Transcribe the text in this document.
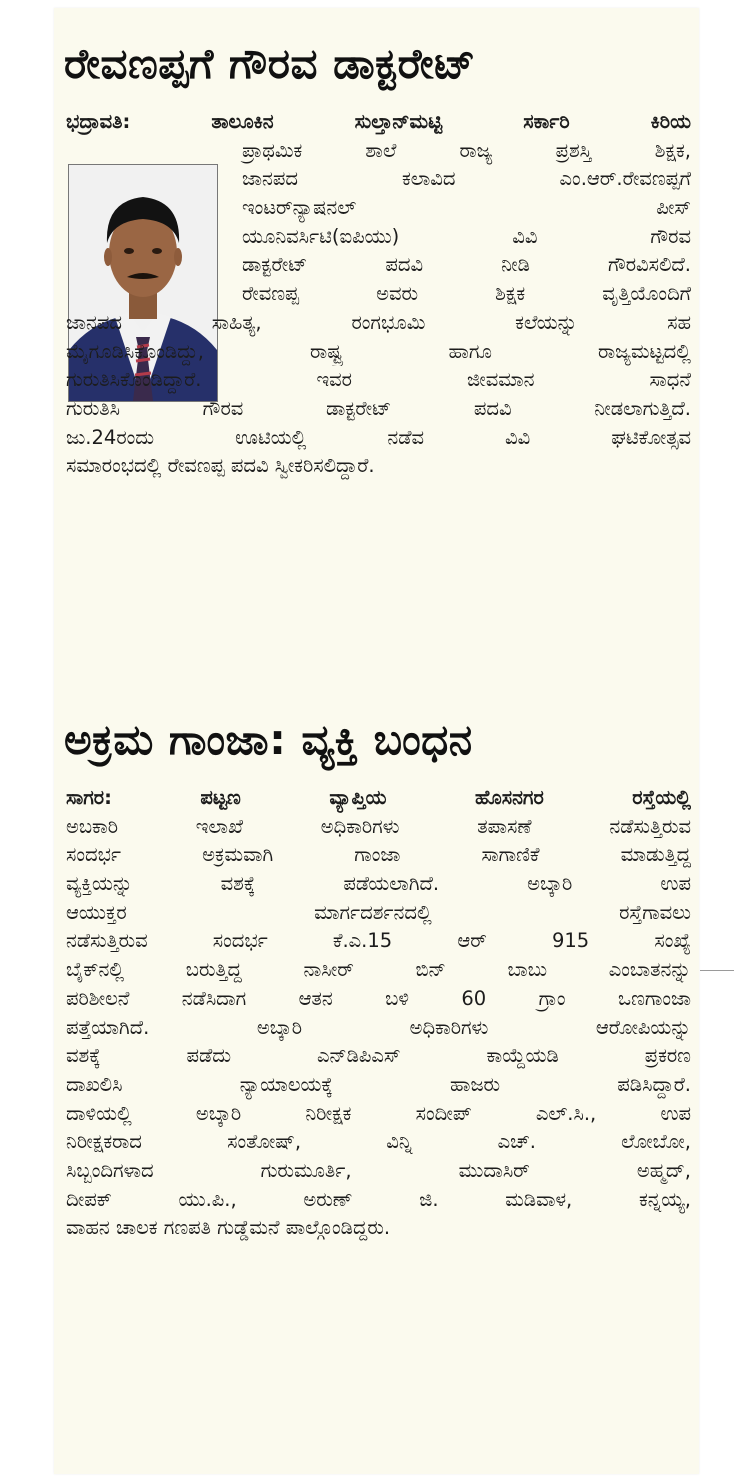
ರೇವಣಪ್ಪಗೆ ಗೌರವ ಡಾಕ್ಟರೇಟ್
ಭದ್ರಾವತಿ: ತಾಲೂಕಿನ ಸುಲ್ತಾನ್‌ಮಟ್ಟಿ ಸರ್ಕಾರಿ ಕಿರಿಯ
ಪ್ರಾಥಮಿಕ ಶಾಲೆ ರಾಜ್ಯ ಪ್ರಶಸ್ತಿ ಶಿಕ್ಷಕ,
ಜಾನಪದ ಕಲಾವಿದ ಎಂ.ಆರ್.ರೇವಣಪ್ಪಗೆ
ಇಂಟರ್‌ನ್ಯಾಷನಲ್ ಪೀಸ್
ಯೂನಿವರ್ಸಿಟಿ(ಐಪಿಯು) ವಿವಿ ಗೌರವ
ಡಾಕ್ಟರೇಟ್ ಪದವಿ ನೀಡಿ ಗೌರವಿಸಲಿದೆ.
ರೇವಣಪ್ಪ ಅವರು ಶಿಕ್ಷಕ ವೃತ್ತಿಯೊಂದಿಗೆ
ಜಾನಪದ ಸಾಹಿತ್ಯ, ರಂಗಭೂಮಿ ಕಲೆಯನ್ನು ಸಹ
ಮೈಗೂಡಿಸಿಕೊಂಡಿದ್ದು, ರಾಷ್ಟ್ರ ಹಾಗೂ ರಾಜ್ಯಮಟ್ಟದಲ್ಲಿ
ಗುರುತಿಸಿಕೊಂಡಿದ್ದಾರೆ. ಇವರ ಜೀವಮಾನ ಸಾಧನೆ
ಗುರುತಿಸಿ ಗೌರವ ಡಾಕ್ಟರೇಟ್ ಪದವಿ ನೀಡಲಾಗುತ್ತಿದೆ.
ಜು.24ರಂದು ಊಟಿಯಲ್ಲಿ ನಡೆವ ವಿವಿ ಘಟಿಕೋತ್ಸವ
ಸಮಾರಂಭದಲ್ಲಿ ರೇವಣಪ್ಪ ಪದವಿ ಸ್ವೀಕರಿಸಲಿದ್ದಾರೆ.
ಅಕ್ರಮ ಗಾಂಜಾ: ವ್ಯಕ್ತಿ ಬಂಧನ
ಸಾಗರ: ಪಟ್ಟಣ ವ್ಯಾಪ್ತಿಯ ಹೊಸನಗರ ರಸ್ತೆಯಲ್ಲಿ
ಅಬಕಾರಿ ಇಲಾಖೆ ಅಧಿಕಾರಿಗಳು ತಪಾಸಣೆ ನಡೆಸುತ್ತಿರುವ
ಸಂದರ್ಭ ಅಕ್ರಮವಾಗಿ ಗಾಂಜಾ ಸಾಗಾಣಿಕೆ ಮಾಡುತ್ತಿದ್ದ
ವ್ಯಕ್ತಿಯನ್ನು ವಶಕ್ಕೆ ಪಡೆಯಲಾಗಿದೆ. ಅಬ್ಕಾರಿ ಉಪ
ಆಯುಕ್ತರ ಮಾರ್ಗದರ್ಶನದಲ್ಲಿ ರಸ್ತೆಗಾವಲು
ನಡೆಸುತ್ತಿರುವ ಸಂದರ್ಭ ಕೆ.ಎ.15 ಆರ್ 915 ಸಂಖ್ಯೆ
ಬೈಕ್‌ನಲ್ಲಿ ಬರುತ್ತಿದ್ದ ನಾಸೀರ್ ಬಿನ್ ಬಾಬು ಎಂಬಾತನನ್ನು
ಪರಿಶೀಲನೆ ನಡೆಸಿದಾಗ ಆತನ ಬಳಿ 60 ಗ್ರಾಂ ಒಣಗಾಂಜಾ
ಪತ್ತೆಯಾಗಿದೆ. ಅಬ್ಕಾರಿ ಅಧಿಕಾರಿಗಳು ಆರೋಪಿಯನ್ನು
ವಶಕ್ಕೆ ಪಡೆದು ಎನ್‌ಡಿಪಿಎಸ್ ಕಾಯ್ದೆಯಡಿ ಪ್ರಕರಣ
ದಾಖಲಿಸಿ ನ್ಯಾಯಾಲಯಕ್ಕೆ ಹಾಜರು ಪಡಿಸಿದ್ದಾರೆ.
ದಾಳಿಯಲ್ಲಿ ಅಬ್ಕಾರಿ ನಿರೀಕ್ಷಕ ಸಂದೀಪ್ ಎಲ್.ಸಿ., ಉಪ
ನಿರೀಕ್ಷಕರಾದ ಸಂತೋಷ್, ವಿನ್ನಿ ಎಚ್. ಲೋಬೋ,
ಸಿಬ್ಬಂದಿಗಳಾದ ಗುರುಮೂರ್ತಿ, ಮುದಾಸಿರ್ ಅಹ್ಮದ್,
ದೀಪಕ್ ಯು.ಪಿ., ಅರುಣ್ ಜಿ. ಮಡಿವಾಳ, ಕನ್ನಯ್ಯ,
ವಾಹನ ಚಾಲಕ ಗಣಪತಿ ಗುಡ್ಡೆಮನೆ ಪಾಲ್ಗೊಂಡಿದ್ದರು.
